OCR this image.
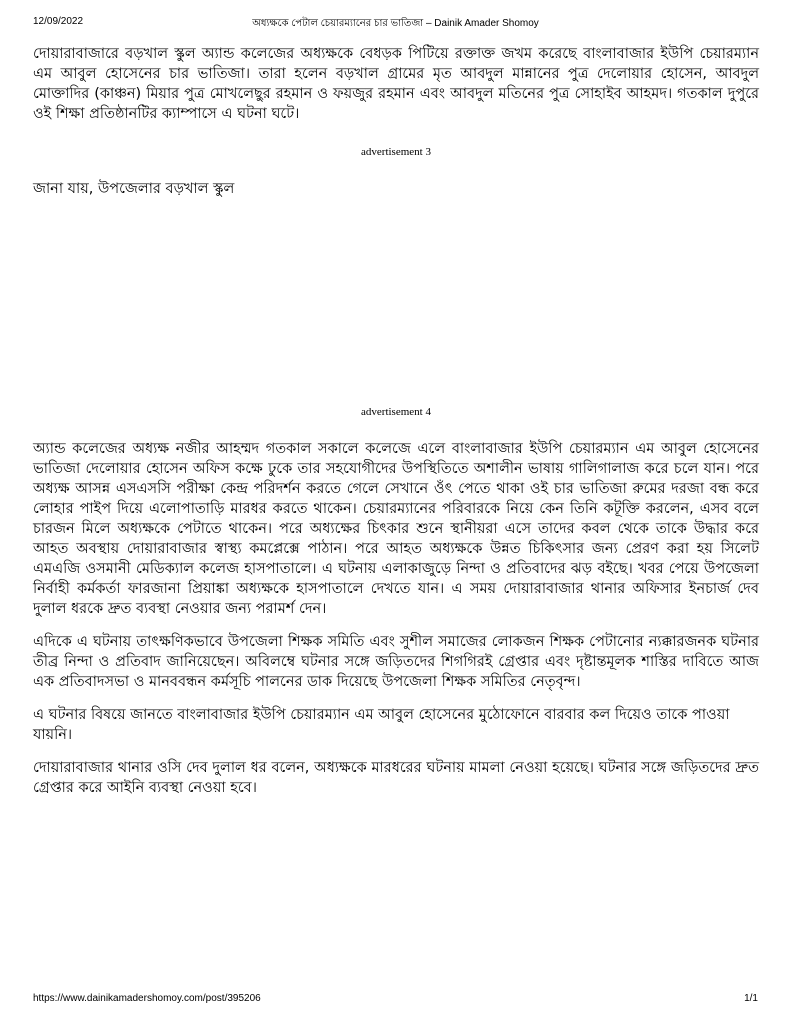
12/09/2022	অধ্যক্ষকে পেটাল চেয়ারম্যানের চার ভাতিজা – Dainik Amader Shomoy

দোয়ারাবাজারে বড়খাল স্কুল অ্যান্ড কলেজের অধ্যক্ষকে বেধড়ক পিটিয়ে রক্তাক্ত জখম করেছে বাংলাবাজার ইউপি চেয়ারম্যান এম আবুল হোসেনের চার ভাতিজা। তারা হলেন বড়খাল গ্রামের মৃত আবদুল মান্নানের পুত্র দেলোয়ার হোসেন, আবদুল মোক্তাদির (কাঞ্চন) মিয়ার পুত্র মোখলেছুর রহমান ও ফয়জুর রহমান এবং আবদুল মতিনের পুত্র সোহাইব আহমদ। গতকাল দুপুরে ওই শিক্ষা প্রতিষ্ঠানটির ক্যাম্পাসে এ ঘটনা ঘটে।

advertisement 3

জানা যায়, উপজেলার বড়খাল স্কুল

advertisement 4

অ্যান্ড কলেজের অধ্যক্ষ নজীর আহম্মদ গতকাল সকালে কলেজে এলে বাংলাবাজার ইউপি চেয়ারম্যান এম আবুল হোসেনের ভাতিজা দেলোয়ার হোসেন অফিস কক্ষে ঢুকে তার সহযোগীদের উপস্থিতিতে অশালীন ভাষায় গালিগালাজ করে চলে যান। পরে অধ্যক্ষ আসন্ন এসএসসি পরীক্ষা কেন্দ্র পরিদর্শন করতে গেলে সেখানে ওঁৎ পেতে থাকা ওই চার ভাতিজা রুমের দরজা বন্ধ করে লোহার পাইপ দিয়ে এলোপাতাড়ি মারধর করতে থাকেন। চেয়ারম্যানের পরিবারকে নিয়ে কেন তিনি কটূক্তি করলেন, এসব বলে চারজন মিলে অধ্যক্ষকে পেটাতে থাকেন। পরে অধ্যক্ষের চিৎকার শুনে স্থানীয়রা এসে তাদের কবল থেকে তাকে উদ্ধার করে আহত অবস্থায় দোয়ারাবাজার স্বাস্থ্য কমপ্লেক্সে পাঠান। পরে আহত অধ্যক্ষকে উন্নত চিকিৎসার জন্য প্রেরণ করা হয় সিলেট এমএজি ওসমানী মেডিক্যাল কলেজ হাসপাতালে। এ ঘটনায় এলাকাজুড়ে নিন্দা ও প্রতিবাদের ঝড় বইছে। খবর পেয়ে উপজেলা নির্বাহী কর্মকর্তা ফারজানা প্রিয়াঙ্কা অধ্যক্ষকে হাসপাতালে দেখতে যান। এ সময় দোয়ারাবাজার থানার অফিসার ইনচার্জ দেব দুলাল ধরকে দ্রুত ব্যবস্থা নেওয়ার জন্য পরামর্শ দেন।

এদিকে এ ঘটনায় তাৎক্ষণিকভাবে উপজেলা শিক্ষক সমিতি এবং সুশীল সমাজের লোকজন শিক্ষক পেটানোর ন্যক্কারজনক ঘটনার তীব্র নিন্দা ও প্রতিবাদ জানিয়েছেন। অবিলম্বে ঘটনার সঙ্গে জড়িতদের শিগগিরই গ্রেপ্তার এবং দৃষ্টান্তমূলক শাস্তির দাবিতে আজ এক প্রতিবাদসভা ও মানববন্ধন কর্মসূচি পালনের ডাক দিয়েছে উপজেলা শিক্ষক সমিতির নেতৃবৃন্দ।

এ ঘটনার বিষয়ে জানতে বাংলাবাজার ইউপি চেয়ারম্যান এম আবুল হোসেনের মুঠোফোনে বারবার কল দিয়েও তাকে পাওয়া যায়নি।

দোয়ারাবাজার থানার ওসি দেব দুলাল ধর বলেন, অধ্যক্ষকে মারধরের ঘটনায় মামলা নেওয়া হয়েছে। ঘটনার সঙ্গে জড়িতদের দ্রুত গ্রেপ্তার করে আইনি ব্যবস্থা নেওয়া হবে।

https://www.dainikamadershomoy.com/post/395206	1/1
